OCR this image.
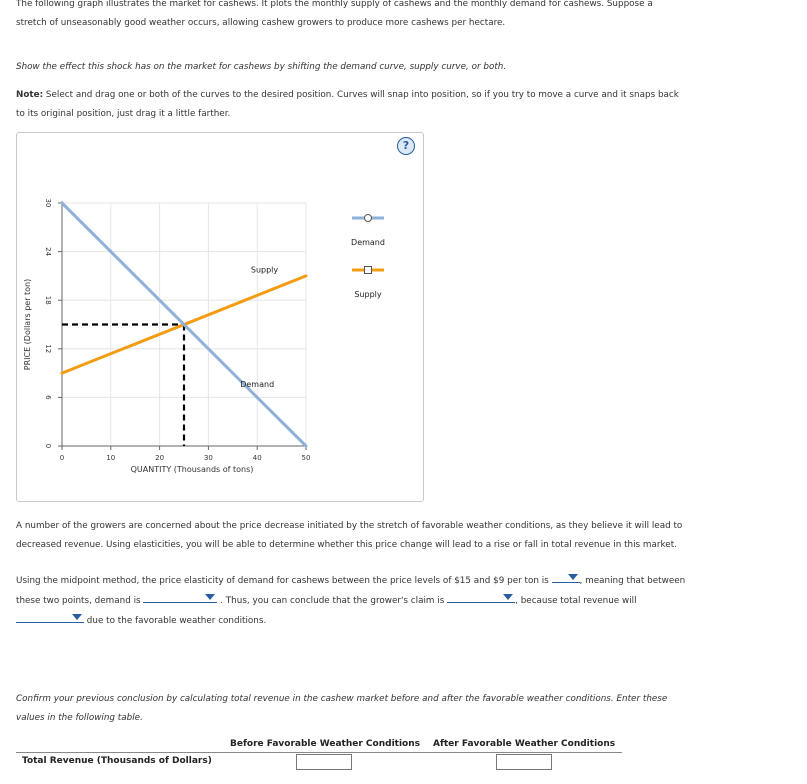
The following graph illustrates the market for cashews. It plots the monthly supply of cashews and the monthly demand for cashews. Suppose a
stretch of unseasonably good weather occurs, allowing cashew growers to produce more cashews per hectare.
Show the effect this shock has on the market for cashews by shifting the demand curve, supply curve, or both.
Note: Select and drag one or both of the curves to the desired position. Curves will snap into position, so if you try to move a curve and it snaps back
to its original position, just drag it a little farther.
?
0	10	20	30	40	50
0
6
12
18
24
30
QUANTITY (Thousands of tons)
PRICE (Dollars per ton)
Supply
Demand
Demand
Supply
A number of the growers are concerned about the price decrease initiated by the stretch of favorable weather conditions, as they believe it will lead to
decreased revenue. Using elasticities, you will be able to determine whether this price change will lead to a rise or fall in total revenue in this market.
Using the midpoint method, the price elasticity of demand for cashews between the price levels of $15 and $9 per ton is	, meaning that between
these two points, demand is	. Thus, you can conclude that the grower's claim is	, because total revenue will
due to the favorable weather conditions.
Confirm your previous conclusion by calculating total revenue in the cashew market before and after the favorable weather conditions. Enter these
values in the following table.
Before Favorable Weather Conditions After Favorable Weather Conditions
Total Revenue (Thousands of Dollars)
